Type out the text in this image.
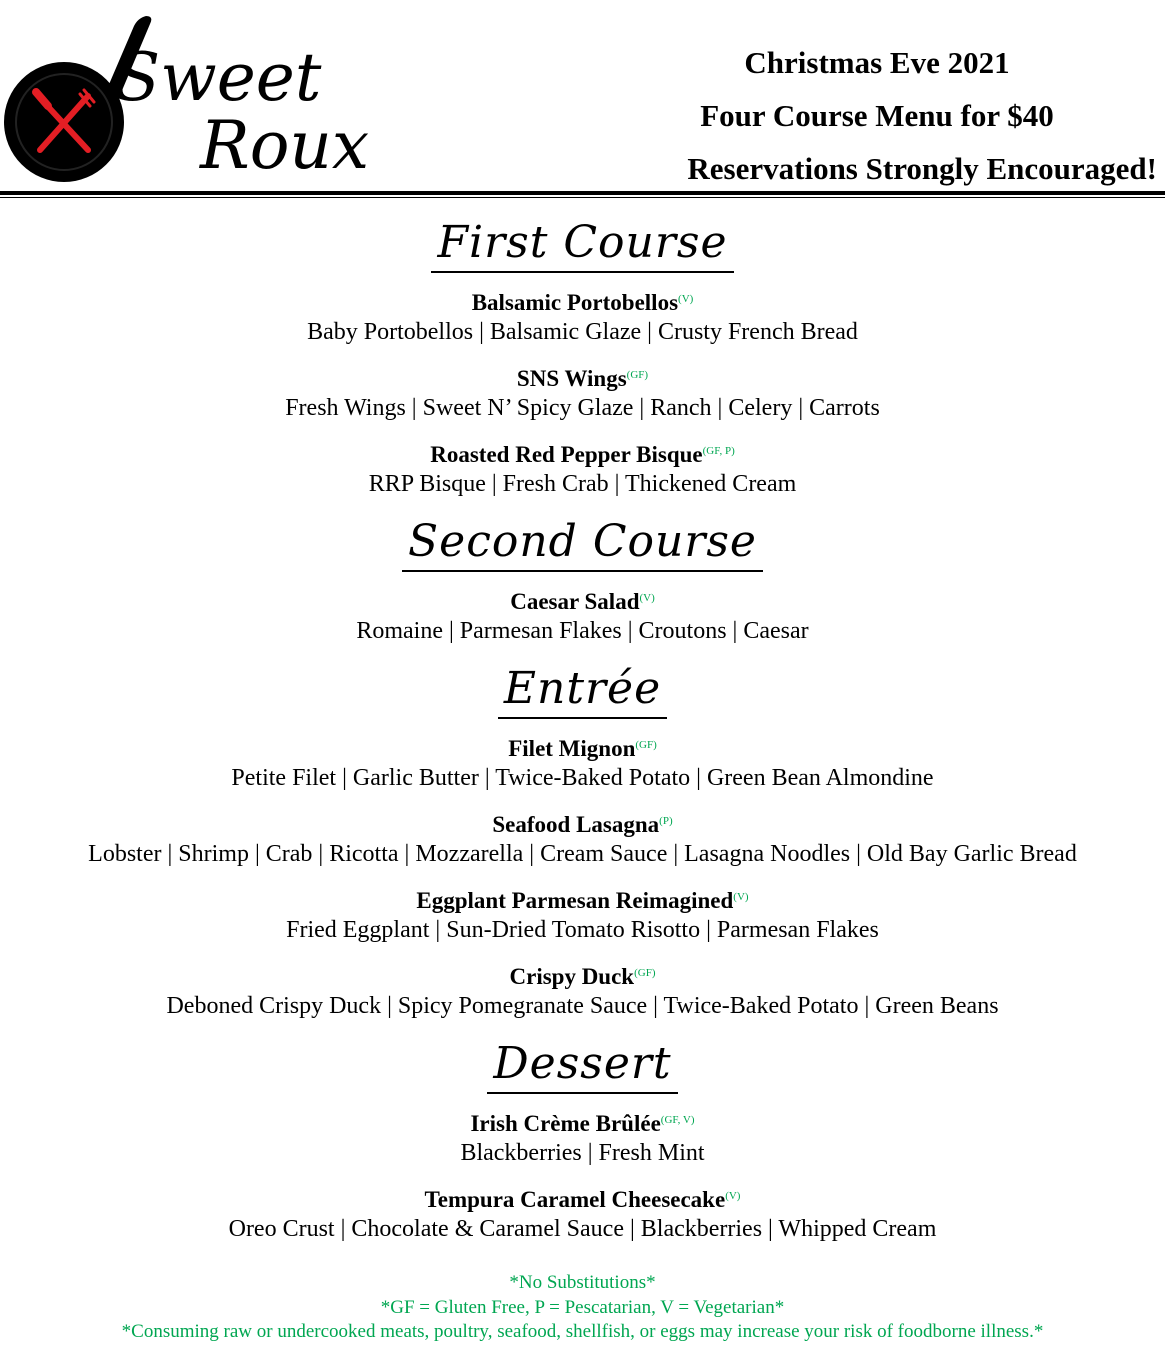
Sweet
Roux
Christmas Eve 2021
Four Course Menu for $40
Reservations Strongly Encouraged!
First Course
Balsamic Portobellos$^{(V)}$
Baby Portobellos | Balsamic Glaze | Crusty French Bread
SNS Wings$^{(GF)}$
Fresh Wings | Sweet N’ Spicy Glaze | Ranch | Celery | Carrots
Roasted Red Pepper Bisque$^{(GF, P)}$
RRP Bisque | Fresh Crab | Thickened Cream
Second Course
Caesar Salad$^{(V)}$
Romaine | Parmesan Flakes | Croutons | Caesar
Entrée
Filet Mignon$^{(GF)}$
Petite Filet | Garlic Butter | Twice-Baked Potato | Green Bean Almondine
Seafood Lasagna$^{(P)}$
Lobster | Shrimp | Crab | Ricotta | Mozzarella | Cream Sauce | Lasagna Noodles | Old Bay Garlic Bread
Eggplant Parmesan Reimagined$^{(V)}$
Fried Eggplant | Sun-Dried Tomato Risotto | Parmesan Flakes
Crispy Duck$^{(GF)}$
Deboned Crispy Duck | Spicy Pomegranate Sauce | Twice-Baked Potato | Green Beans
Dessert
Irish Crème Brûlée$^{(GF, V)}$
Blackberries | Fresh Mint
Tempura Caramel Cheesecake$^{(V)}$
Oreo Crust | Chocolate & Caramel Sauce | Blackberries | Whipped Cream
*No Substitutions*
*GF = Gluten Free, P = Pescatarian, V = Vegetarian*
*Consuming raw or undercooked meats, poultry, seafood, shellfish, or eggs may increase your risk of foodborne illness.*
